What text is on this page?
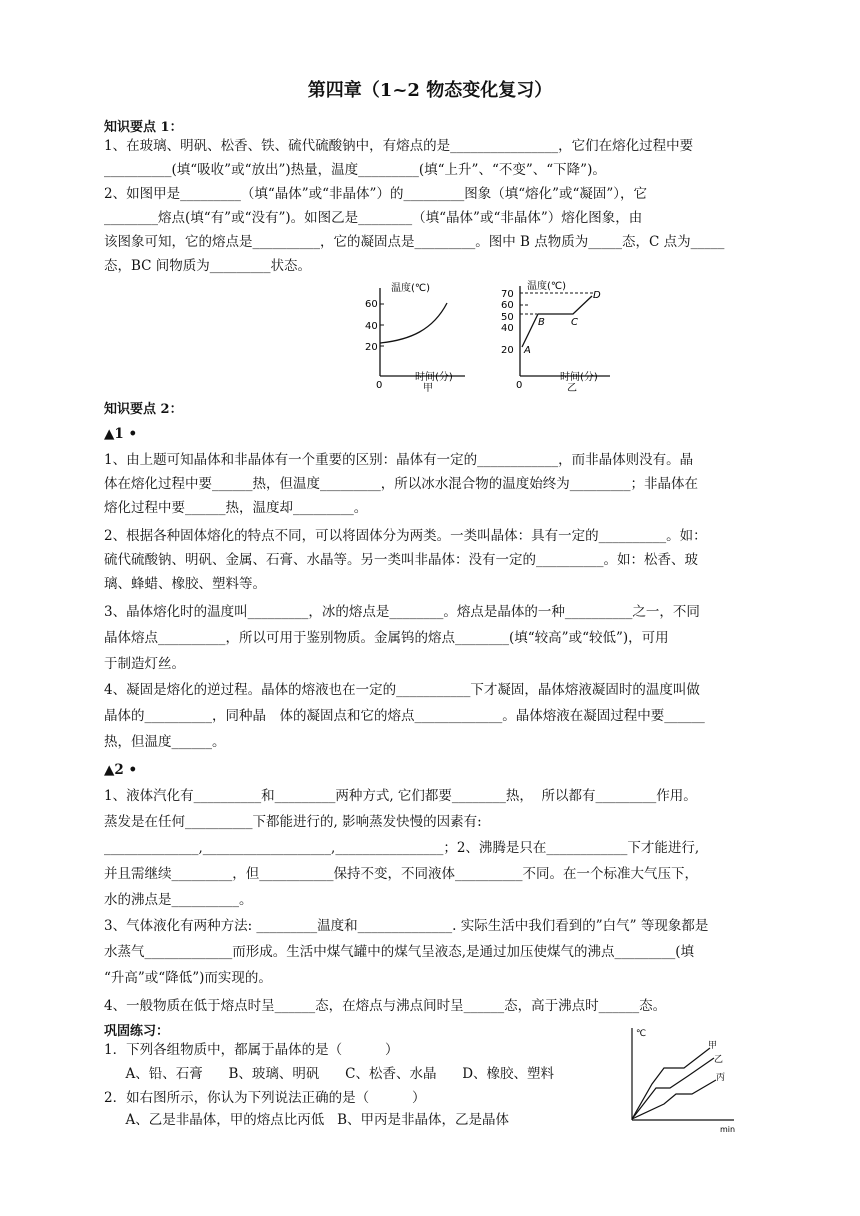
第四章（1~2 物态变化复习）
知识要点 1：
1、在玻璃、明矾、松香、铁、硫代硫酸钠中，有熔点的是________________，它们在熔化过程中要
__________(填“吸收”或“放出”)热量，温度_________(填“上升”、“不变”、“下降”)。
2、如图甲是_________（填“晶体”或“非晶体”）的_________图象（填“熔化”或“凝固”），它
________熔点(填“有”或“没有”)。如图乙是________（填“晶体”或“非晶体”）熔化图象，由
该图象可知，它的熔点是__________，它的凝固点是_________。图中 B 点物质为_____态，C 点为_____
态，BC 间物质为_________状态。
温度(℃)
60
40
20
0
时间(分)
甲
温度(℃)
70
60
50
40
20 A
B	C
D
0
时间(分)
乙
知识要点 2：
▲1 •
1、由上题可知晶体和非晶体有一个重要的区别：晶体有一定的____________，而非晶体则没有。晶
体在熔化过程中要______热，但温度_________，所以冰水混合物的温度始终为_________；非晶体在
熔化过程中要______热，温度却_________。
2、根据各种固体熔化的特点不同，可以将固体分为两类。一类叫晶体：具有一定的__________。如：
硫代硫酸钠、明矾、金属、石膏、水晶等。另一类叫非晶体：没有一定的__________。如：松香、玻
璃、蜂蜡、橡胶、塑料等。
3、晶体熔化时的温度叫_________，冰的熔点是________。熔点是晶体的一种__________之一，不同
晶体熔点__________，所以可用于鉴别物质。金属钨的熔点________(填“较高”或“较低”)，可用
于制造灯丝。
4、凝固是熔化的逆过程。晶体的熔液也在一定的___________下才凝固，晶体熔液凝固时的温度叫做
晶体的__________，同种晶　体的凝固点和它的熔点_____________。晶体熔液在凝固过程中要______
热，但温度______。
▲2 •
1、液体汽化有__________和_________两种方式, 它们都要________热，  所以都有_________作用。
蒸发是在任何__________下都能进行的, 影响蒸发快慢的因素有:
______________,___________________,________________；2、沸腾是只在____________下才能进行,
并且需继续_________，但___________保持不变，不同液体__________不同。在一个标准大气压下，
水的沸点是__________。
3、气体液化有两种方法: _________温度和______________. 实际生活中我们看到的”白气” 等现象都是
水蒸气_____________而形成。生活中煤气罐中的煤气呈液态,是通过加压使煤气的沸点_________(填
“升高”或“降低”)而实现的。
4、一般物质在低于熔点时呈______态，在熔点与沸点间时呈______态，高于沸点时______态。
巩固练习：
1．下列各组物质中，都属于晶体的是（          ）
A、铅、石膏      B、玻璃、明矾      C、松香、水晶      D、橡胶、塑料
2．如右图所示，你认为下列说法正确的是（          ）
A、乙是非晶体，甲的熔点比丙低   B、甲丙是非晶体，乙是晶体
℃
min
甲
乙
丙
